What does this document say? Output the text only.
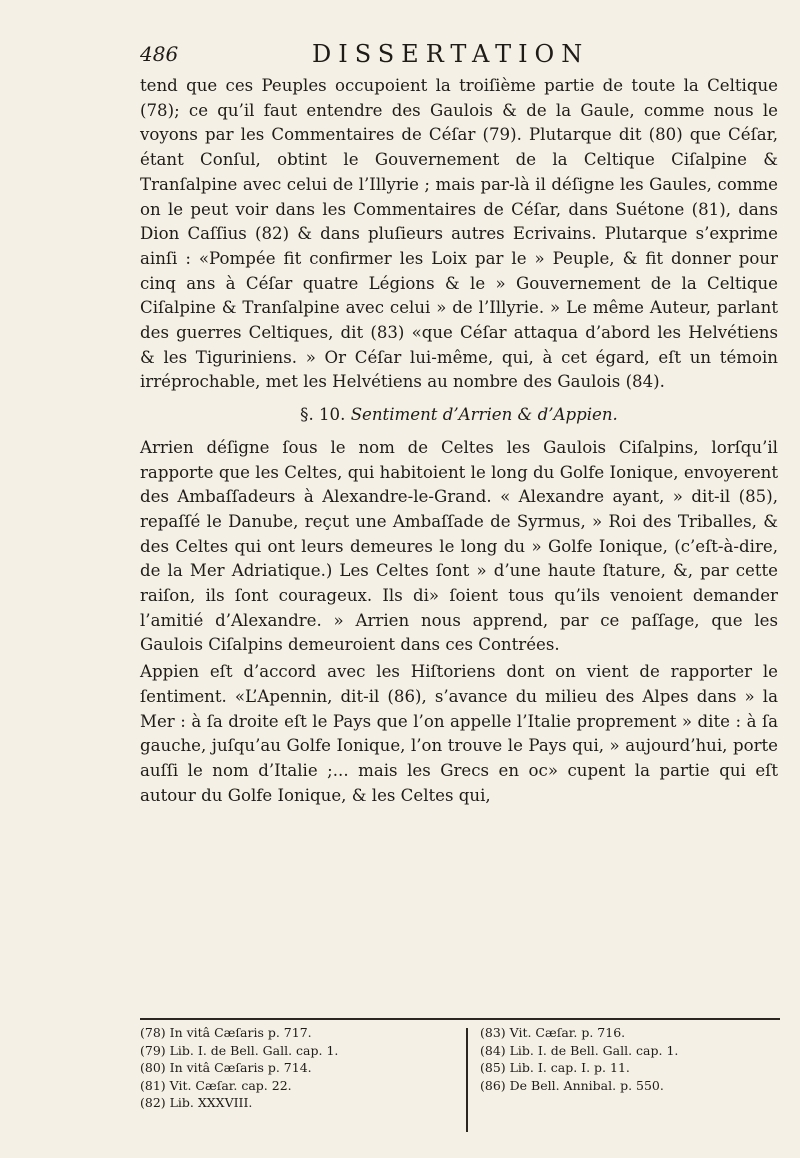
486	DISSERTATION

tend que ces Peuples occupoient la troiſième partie de toute la Celtique (78); ce qu’il faut entendre des Gaulois & de la Gaule, comme nous le voyons par les Commentaires de Céſar (79). Plutarque dit (80) que Céſar, étant Conſul, obtint le Gouvernement de la Celtique Ciſalpine & Tranſalpine avec celui de l’Illyrie ; mais par-là il déſigne les Gaules, comme on le peut voir dans les Commentaires de Céſar, dans Suétone (81), dans Dion Caſſius (82) & dans pluſieurs autres Ecrivains. Plutarque s’exprime ainſi : «Pompée fit confirmer les Loix par le » Peuple, & fit donner pour cinq ans à Céſar quatre Légions & le » Gouvernement de la Celtique Ciſalpine & Tranſalpine avec celui » de l’Illyrie. » Le même Auteur, parlant des guerres Celtiques, dit (83) «que Céſar attaqua d’abord les Helvétiens & les Tiguriniens. » Or Céſar lui-même, qui, à cet égard, eſt un témoin irréprochable, met les Helvétiens au nombre des Gaulois (84).

§. 10. Sentiment d’Arrien & d’Appien.

Arrien déſigne ſous le nom de Celtes les Gaulois Ciſalpins, lorſqu’il rapporte que les Celtes, qui habitoient le long du Golfe Ionique, envoyerent des Ambaſſadeurs à Alexandre-le-Grand. « Alexandre ayant, » dit-il (85), repaſſé le Danube, reçut une Ambaſſade de Syrmus, » Roi des Triballes, & des Celtes qui ont leurs demeures le long du » Golfe Ionique, (c’eſt-à-dire, de la Mer Adriatique.) Les Celtes ſont » d’une haute ſtature, &, par cette raiſon, ils ſont courageux. Ils di» ſoient tous qu’ils venoient demander l’amitié d’Alexandre. » Arrien nous apprend, par ce paſſage, que les Gaulois Ciſalpins demeuroient dans ces Contrées.

Appien eſt d’accord avec les Hiſtoriens dont on vient de rapporter le ſentiment. «L’Apennin, dit-il (86), s’avance du milieu des Alpes dans » la Mer : à ſa droite eſt le Pays que l’on appelle l’Italie proprement » dite : à ſa gauche, juſqu’au Golfe Ionique, l’on trouve le Pays qui, » aujourd’hui, porte auſſi le nom d’Italie ;... mais les Grecs en oc» cupent la partie qui eſt autour du Golfe Ionique, & les Celtes qui,

(78) In vitâ Cæſaris p. 717.
(79) Lib. I. de Bell. Gall. cap. 1.
(80) In vitâ Cæſaris p. 714.
(81) Vit. Cæſar. cap. 22.
(82) Lib. XXXVIII.
(83) Vit. Cæſar. p. 716.
(84) Lib. I. de Bell. Gall. cap. 1.
(85) Lib. I. cap. I. p. 11.
(86) De Bell. Annibal. p. 550.
